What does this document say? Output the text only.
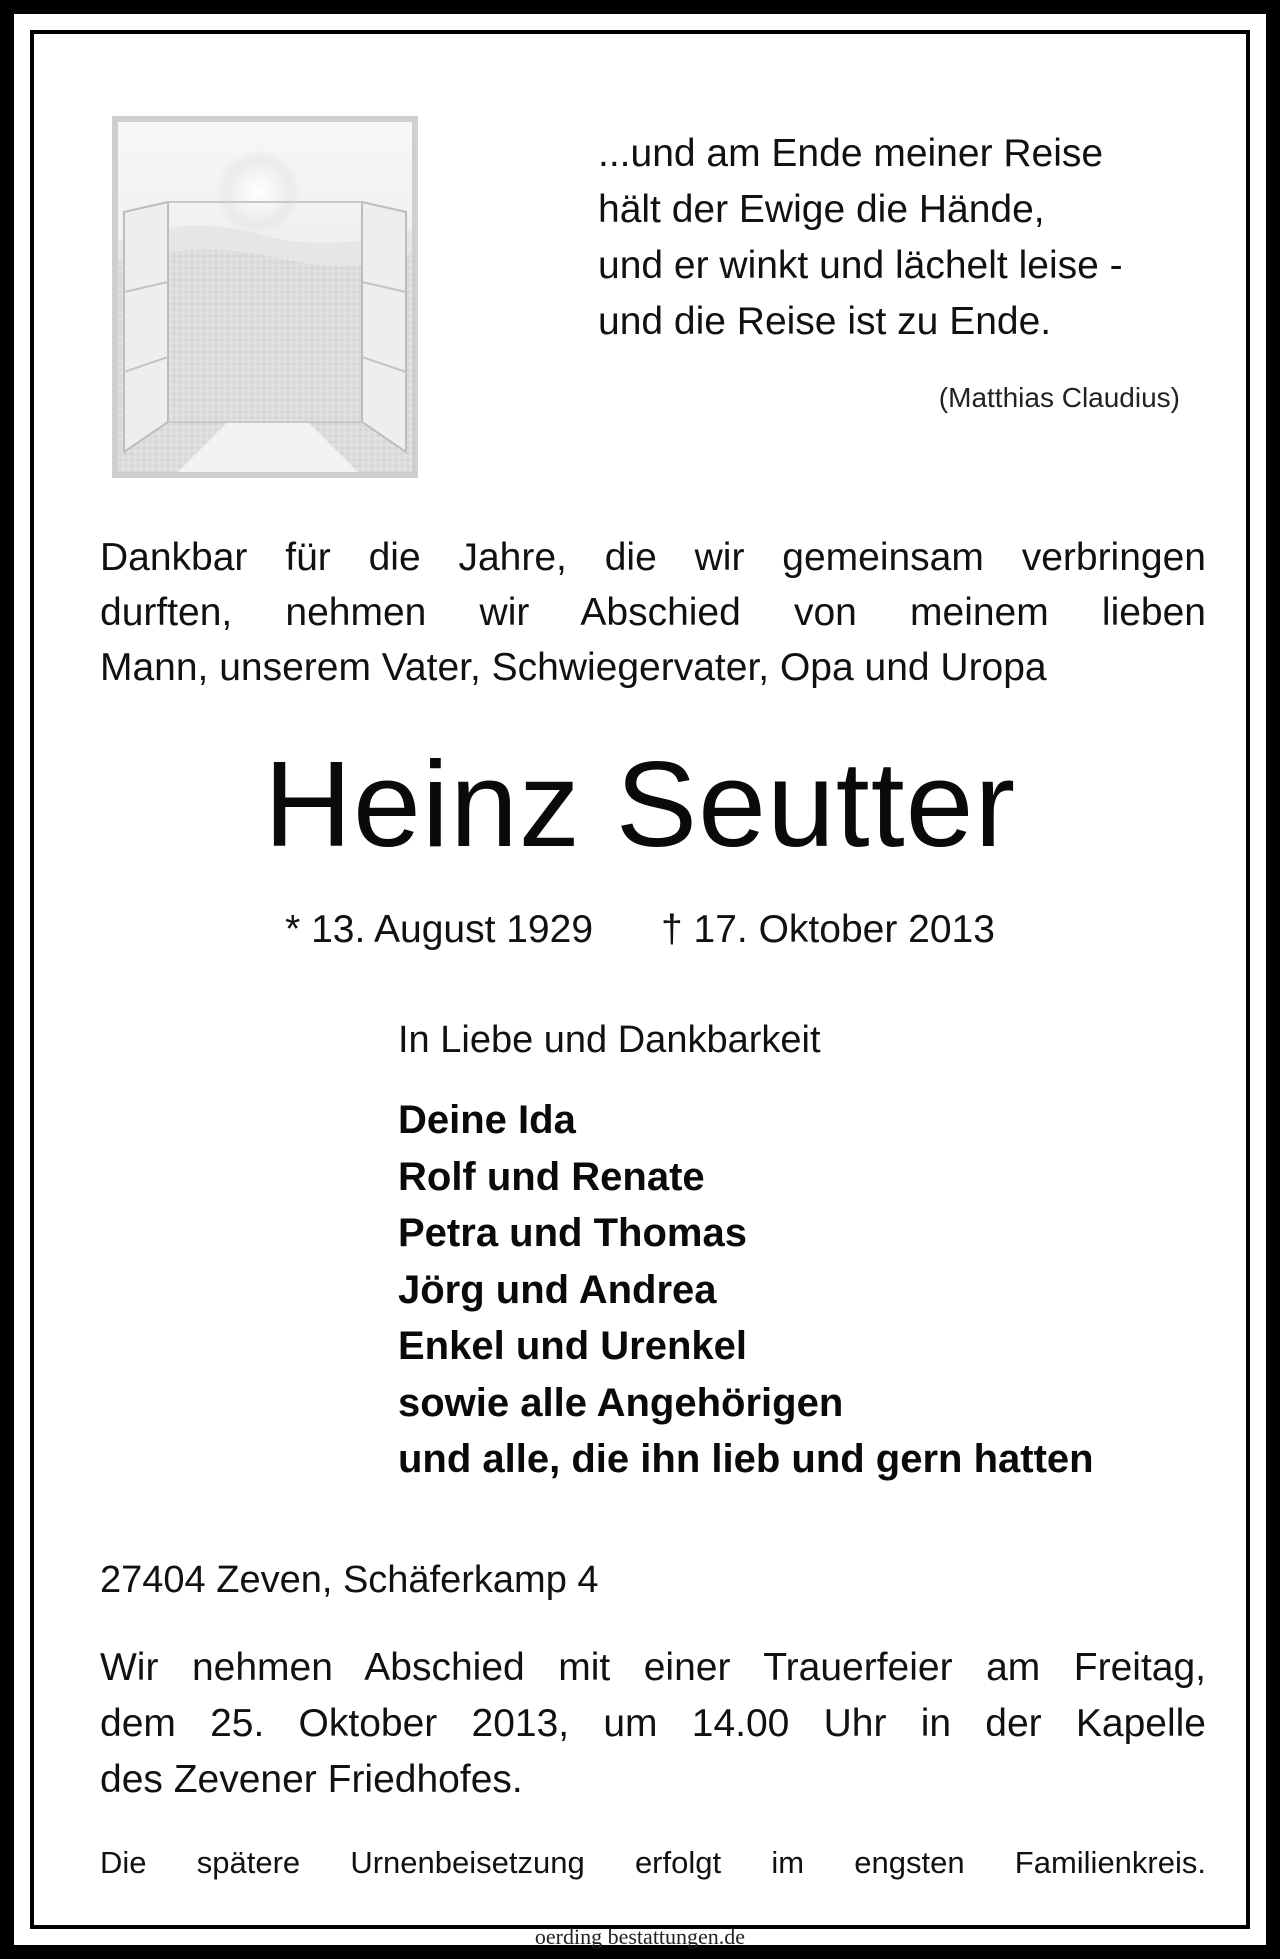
...und am Ende meiner Reise
hält der Ewige die Hände,
und er winkt und lächelt leise -
und die Reise ist zu Ende.
(Matthias Claudius)
Dankbar für die Jahre, die wir gemeinsam verbringen
durften, nehmen wir Abschied von meinem lieben
Mann, unserem Vater, Schwiegervater, Opa und Uropa
Heinz Seutter
* 13. August 1929 † 17. Oktober 2013
In Liebe und Dankbarkeit
Deine Ida
Rolf und Renate
Petra und Thomas
Jörg und Andrea
Enkel und Urenkel
sowie alle Angehörigen
und alle, die ihn lieb und gern hatten
27404 Zeven, Schäferkamp 4
Wir nehmen Abschied mit einer Trauerfeier am Freitag,
dem 25. Oktober 2013, um 14.00 Uhr in der Kapelle
des Zevener Friedhofes.
Die spätere Urnenbeisetzung erfolgt im engsten Familienkreis.
oerding bestattungen.de
